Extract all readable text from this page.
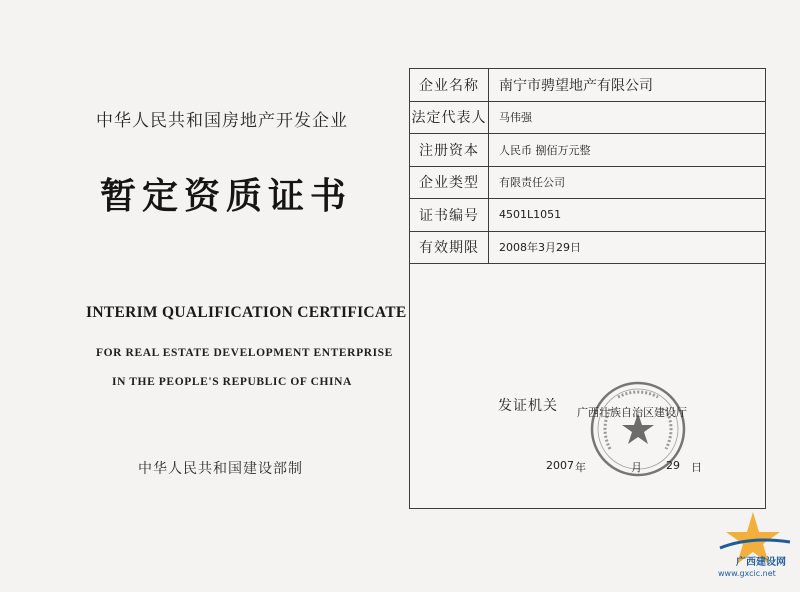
中华人民共和国房地产开发企业
暂定资质证书
INTERIM QUALIFICATION CERTIFICATE
FOR REAL ESTATE DEVELOPMENT ENTERPRISE
IN THE PEOPLE'S REPUBLIC OF CHINA
中华人民共和国建设部制
企业名称	南宁市骋望地产有限公司
法定代表人	马伟强
注册资本	人民币 捌佰万元整
企业类型	有限责任公司
证书编号	4501L1051
有效期限	2008年3月29日
发证机关 广西壮族自治区建设厅
2007 年	月 29 日
广西建设网
www.gxcic.net
